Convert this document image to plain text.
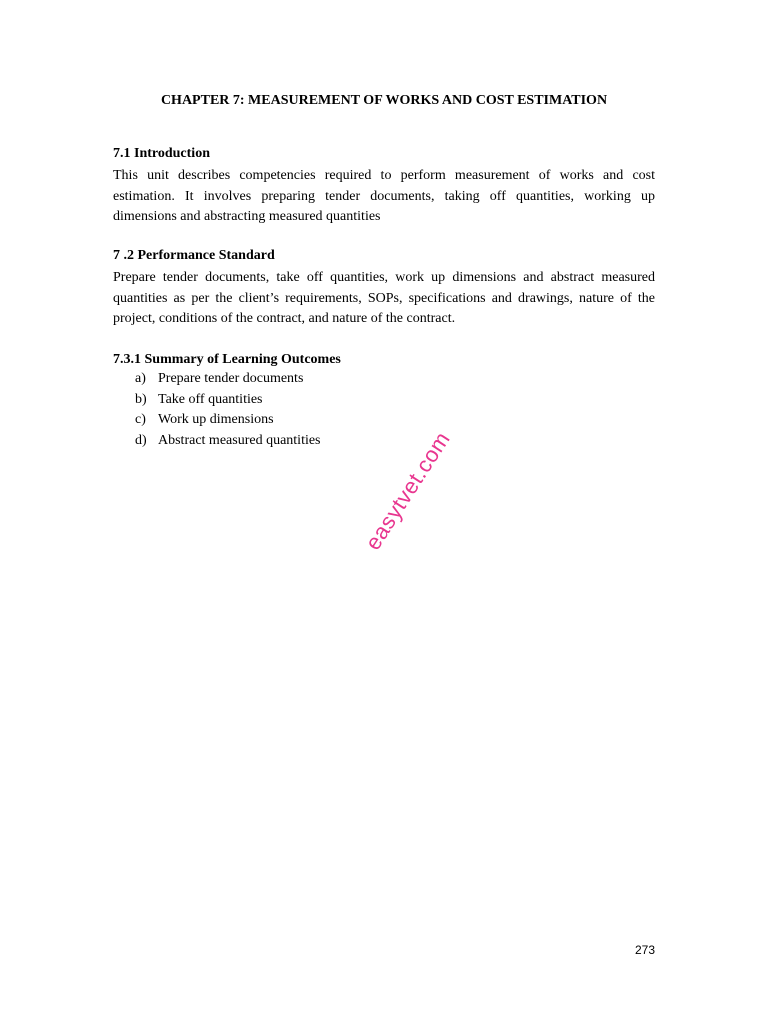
CHAPTER 7: MEASUREMENT OF WORKS AND COST ESTIMATION
7.1 Introduction

This unit describes competencies required to perform measurement of works and cost estimation. It involves preparing tender documents, taking off quantities, working up dimensions and abstracting measured quantities

7 .2 Performance Standard

Prepare tender documents, take off quantities, work up dimensions and abstract measured quantities as per the client’s requirements, SOPs, specifications and drawings, nature of the project, conditions of the contract, and nature of the contract.

7.3.1 Summary of Learning Outcomes
a) Prepare tender documents
b) Take off quantities
c) Work up dimensions
d) Abstract measured quantities	easytvet.com
273
